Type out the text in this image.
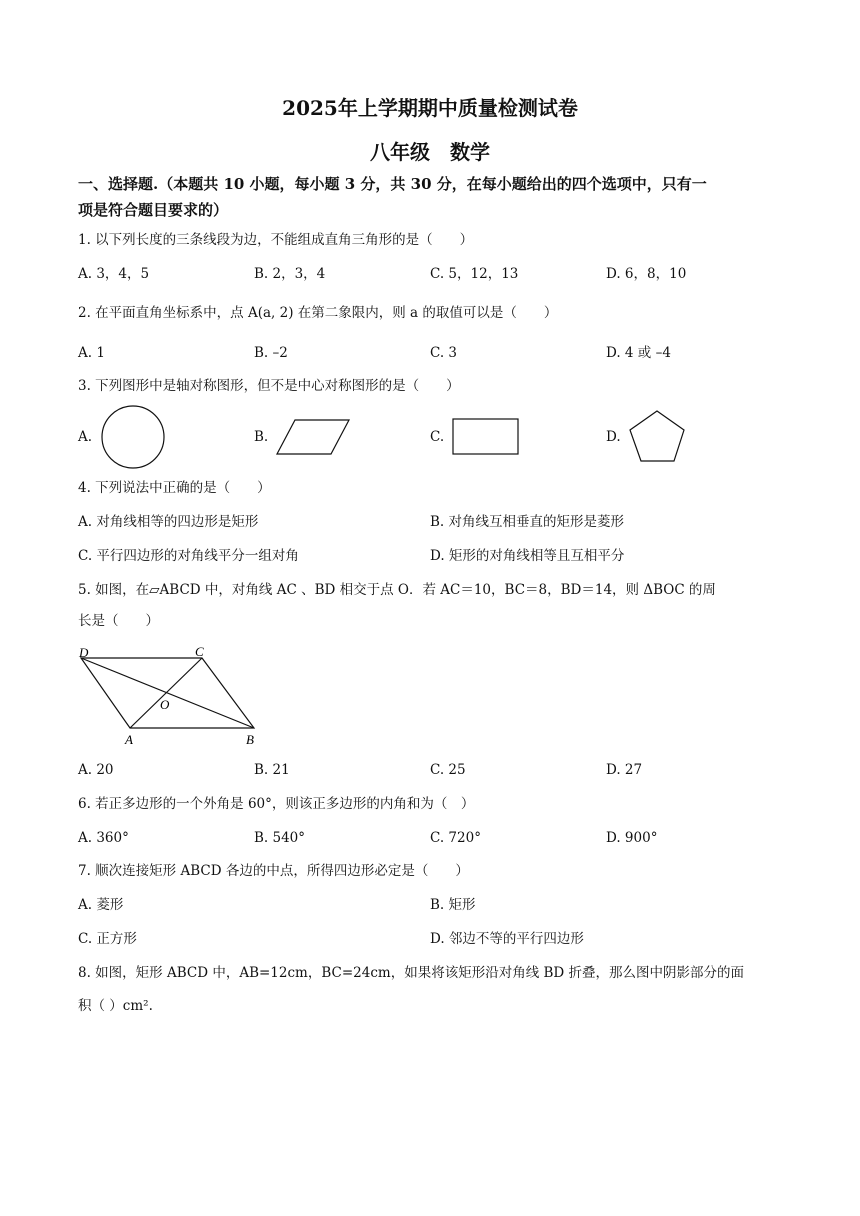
2025年上学期期中质量检测试卷
八年级　数学
一、选择题.（本题共 10 小题，每小题 3 分，共 30 分，在每小题给出的四个选项中，只有一
项是符合题目要求的）
1. 以下列长度的三条线段为边，不能组成直角三角形的是（　　）
A. 3，4，5	B. 2，3，4	C. 5，12，13	D. 6，8，10
2. 在平面直角坐标系中，点 A(a, 2) 在第二象限内，则 a 的取值可以是（　　）
A. 1	B. –2	C. 3	D. 4 或 –4
3. 下列图形中是轴对称图形，但不是中心对称图形的是（　　）
A.	B.	C.	D.
4. 下列说法中正确的是（　　）
A. 对角线相等的四边形是矩形	B. 对角线互相垂直的矩形是菱形
C. 平行四边形的对角线平分一组对角	D. 矩形的对角线相等且互相平分
5. 如图，在▱ABCD 中，对角线 AC 、BD 相交于点 O．若 AC＝10，BC＝8，BD＝14，则 ΔBOC 的周
长是（　　）
D	C
O
A	B
A. 20	B. 21	C. 25	D. 27
6. 若正多边形的一个外角是 60°，则该正多边形的内角和为（　）
A. 360°	B. 540°	C. 720°	D. 900°
7. 顺次连接矩形 ABCD 各边的中点，所得四边形必定是（　　）
A. 菱形	B. 矩形
C. 正方形	D. 邻边不等的平行四边形
8. 如图，矩形 ABCD 中，AB=12cm，BC=24cm，如果将该矩形沿对角线 BD 折叠，那么图中阴影部分的面
积（ ）cm².
